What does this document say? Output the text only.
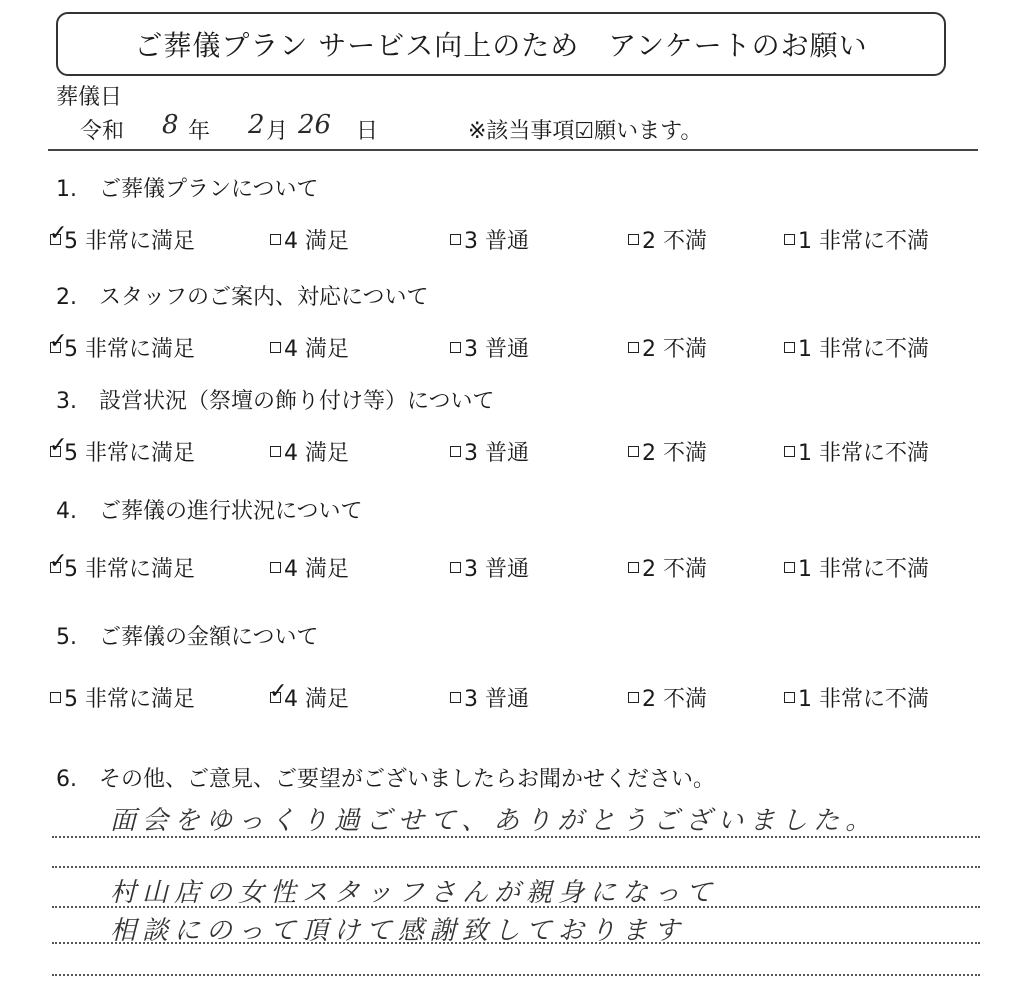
ご葬儀プラン サービス向上のため　アンケートのお願い
葬儀日
令和 8 年 2 月 26 日	※該当事項☑願います。
1.　ご葬儀プランについて
✓
5 非常に満足	4 満足	3 普通	2 不満	1 非常に不満
2.　スタッフのご案内、対応について
✓
5 非常に満足	4 満足	3 普通	2 不満	1 非常に不満
3.　設営状況（祭壇の飾り付け等）について
✓
5 非常に満足	4 満足	3 普通	2 不満	1 非常に不満
4.　ご葬儀の進行状況について
✓
5 非常に満足	4 満足	3 普通	2 不満	1 非常に不満
5.　ご葬儀の金額について
5 非常に満足	✓
4 満足	3 普通	2 不満	1 非常に不満
6.　その他、ご意見、ご要望がございましたらお聞かせください。
面会をゆっくり過ごせて、ありがとうございました。
村山店の女性スタッフさんが親身になって
相談にのって頂けて感謝致しております
